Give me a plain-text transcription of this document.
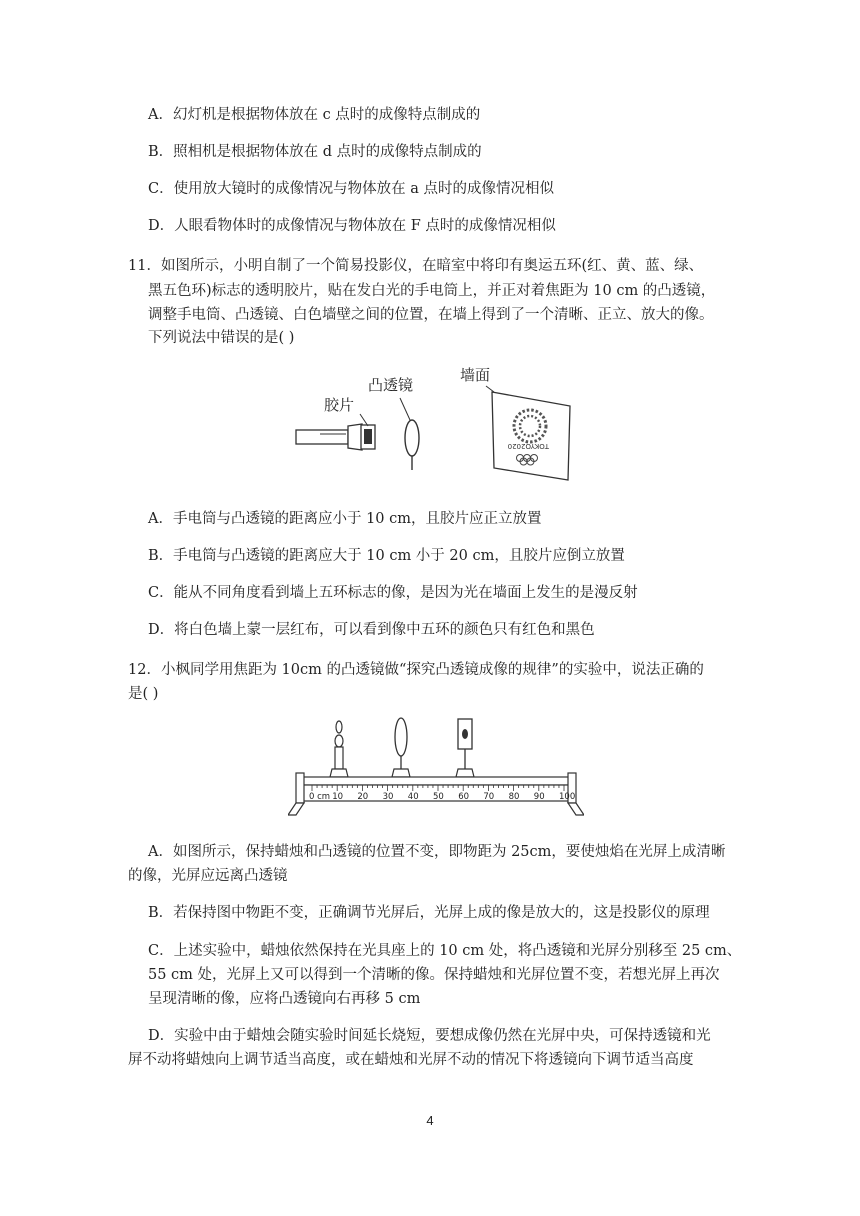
A．幻灯机是根据物体放在 c 点时的成像特点制成的
B．照相机是根据物体放在 d 点时的成像特点制成的
C．使用放大镜时的成像情况与物体放在 a 点时的成像情况相似
D．人眼看物体时的成像情况与物体放在 F 点时的成像情况相似
11．如图所示，小明自制了一个简易投影仪，在暗室中将印有奥运五环(红、黄、蓝、绿、
黑五色环)标志的透明胶片，贴在发白光的手电筒上，并正对着焦距为 10 cm 的凸透镜，
调整手电筒、凸透镜、白色墙壁之间的位置，在墙上得到了一个清晰、正立、放大的像。
下列说法中错误的是( )
胶片
凸透镜
墙面
TOKYO2020
A．手电筒与凸透镜的距离应小于 10 cm，且胶片应正立放置
B．手电筒与凸透镜的距离应大于 10 cm 小于 20 cm，且胶片应倒立放置
C．能从不同角度看到墙上五环标志的像，是因为光在墙面上发生的是漫反射
D．将白色墙上蒙一层红布，可以看到像中五环的颜色只有红色和黑色
12．小枫同学用焦距为 10cm 的凸透镜做“探究凸透镜成像的规律”的实验中，说法正确的
是( )
0 cm 10 20 30 40 50 60 70 80 90 100
A．如图所示，保持蜡烛和凸透镜的位置不变，即物距为 25cm，要使烛焰在光屏上成清晰
的像，光屏应远离凸透镜
B．若保持图中物距不变，正确调节光屏后，光屏上成的像是放大的，这是投影仪的原理
C．上述实验中，蜡烛依然保持在光具座上的 10 cm 处，将凸透镜和光屏分别移至 25 cm、
55 cm 处，光屏上又可以得到一个清晰的像。保持蜡烛和光屏位置不变，若想光屏上再次
呈现清晰的像，应将凸透镜向右再移 5 cm
D．实验中由于蜡烛会随实验时间延长烧短，要想成像仍然在光屏中央，可保持透镜和光
屏不动将蜡烛向上调节适当高度，或在蜡烛和光屏不动的情况下将透镜向下调节适当高度
4
